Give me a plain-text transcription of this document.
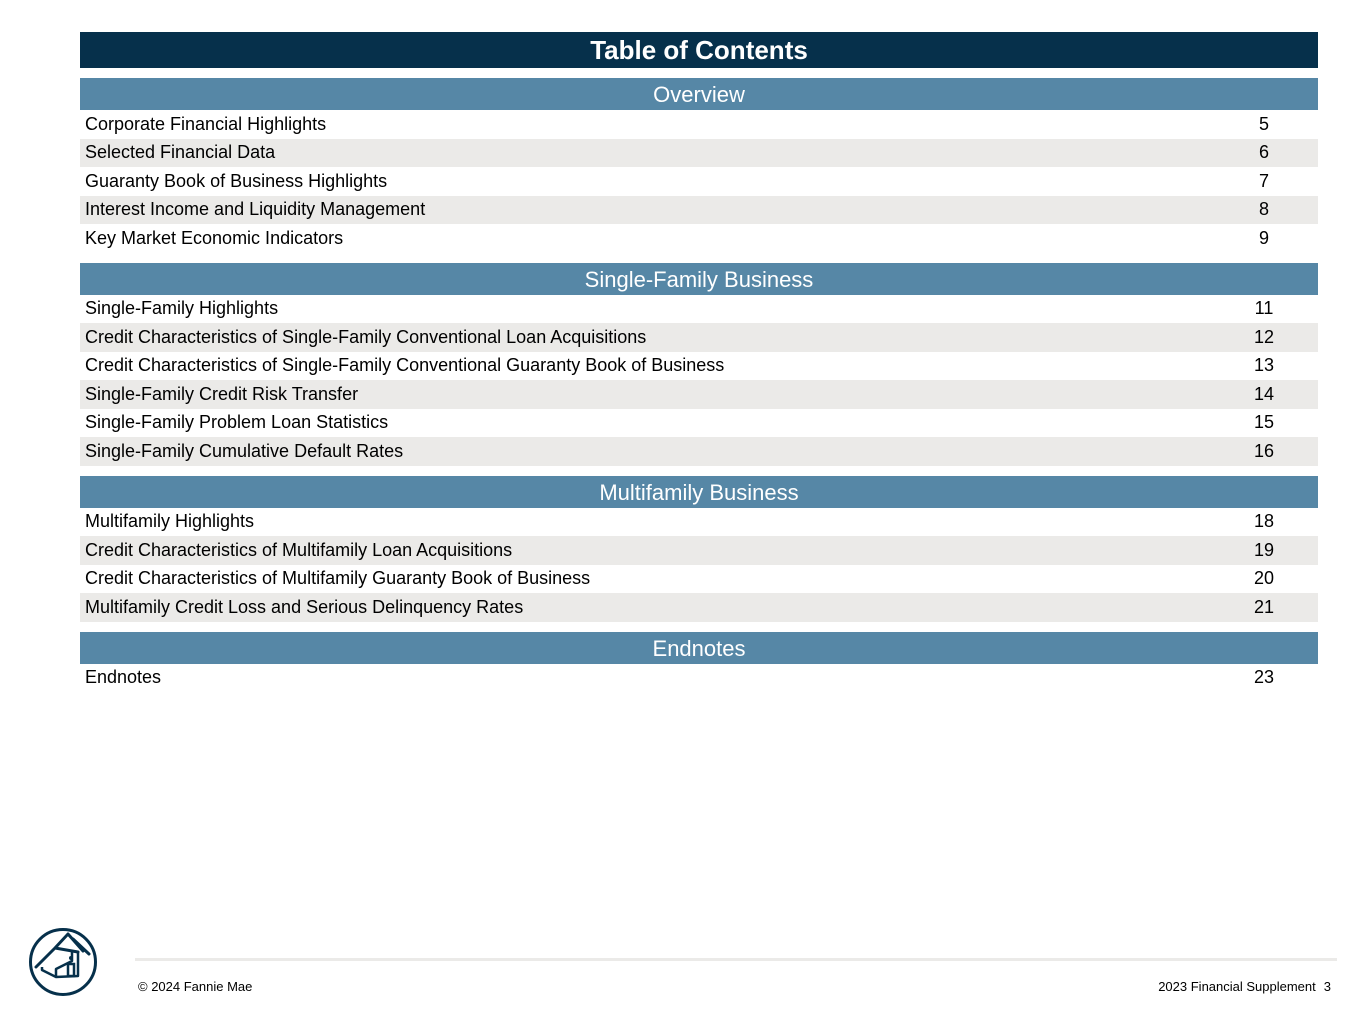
Table of Contents
Overview
Corporate Financial Highlights	5
Selected Financial Data	6
Guaranty Book of Business Highlights	7
Interest Income and Liquidity Management	8
Key Market Economic Indicators	9
Single-Family Business
Single-Family Highlights	11
Credit Characteristics of Single-Family Conventional Loan Acquisitions	12
Credit Characteristics of Single-Family Conventional Guaranty Book of Business	13
Single-Family Credit Risk Transfer	14
Single-Family Problem Loan Statistics	15
Single-Family Cumulative Default Rates	16
Multifamily Business
Multifamily Highlights	18
Credit Characteristics of Multifamily Loan Acquisitions	19
Credit Characteristics of Multifamily Guaranty Book of Business	20
Multifamily Credit Loss and Serious Delinquency Rates	21
Endnotes
Endnotes	23
© 2024 Fannie Mae	2023 Financial Supplement 3
